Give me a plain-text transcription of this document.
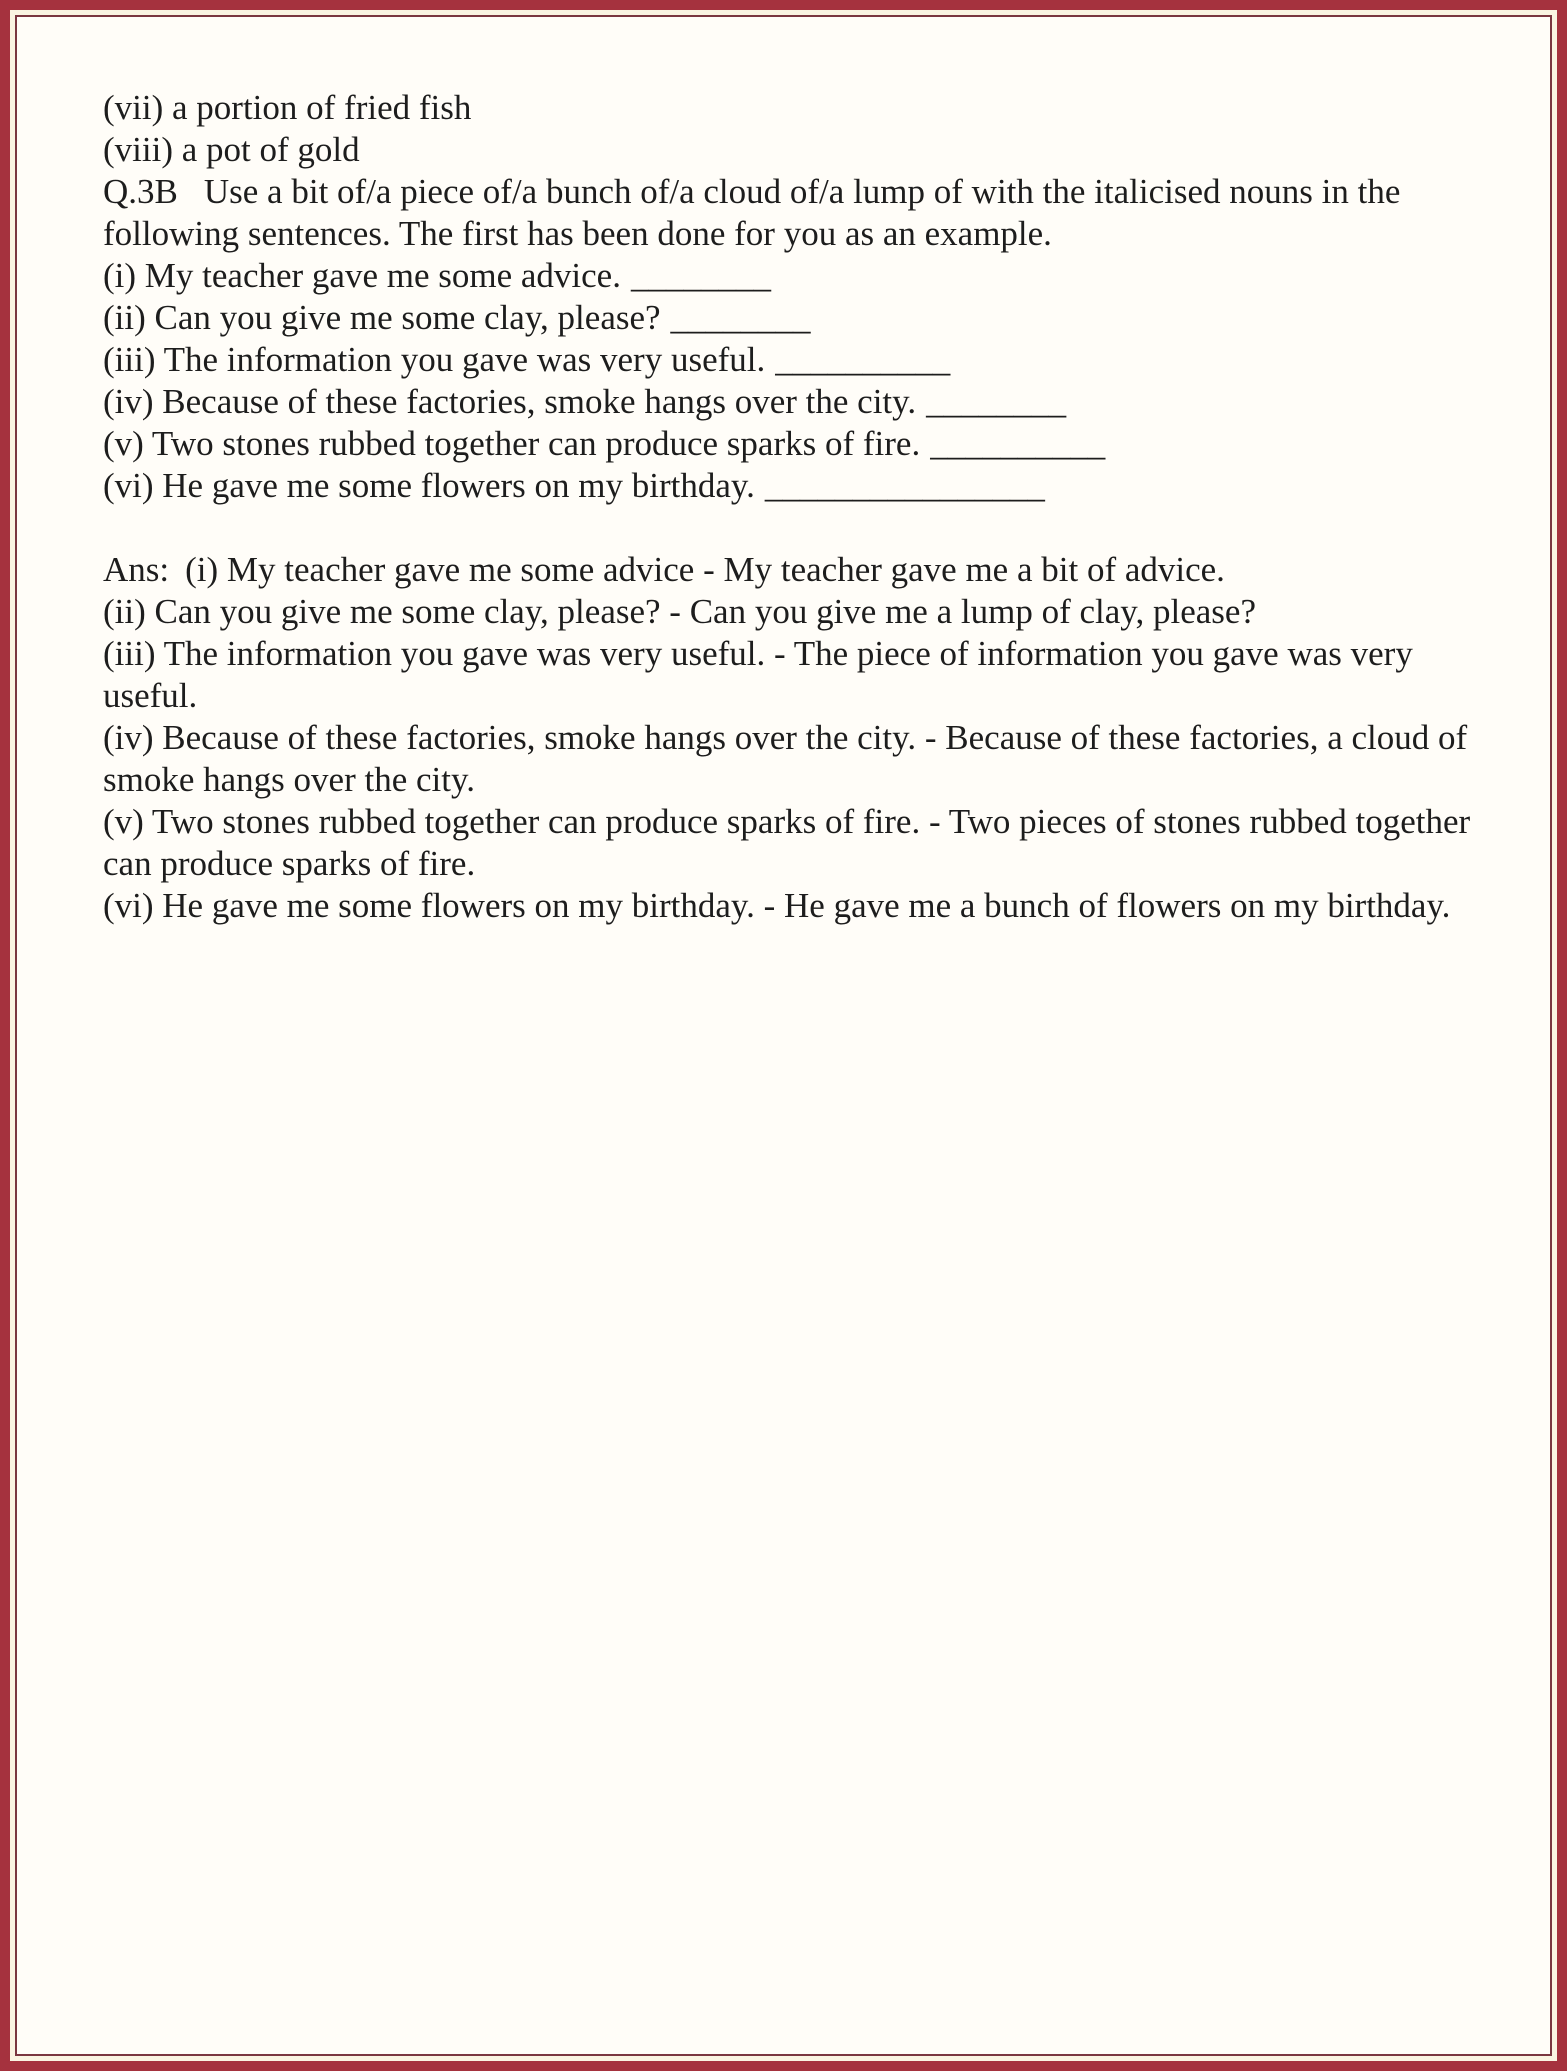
(vii) a portion of fried fish

(viii) a pot of gold

Q.3B Use a bit of/a piece of/a bunch of/a cloud of/a lump of with the italicised nouns in the following sentences. The first has been done for you as an example.

(i) My teacher gave me some advice. ________
(ii) Can you give me some clay, please? ________
(iii) The information you gave was very useful. __________
(iv) Because of these factories, smoke hangs over the city. ________
(v) Two stones rubbed together can produce sparks of fire. __________
(vi) He gave me some flowers on my birthday. ________________

Ans: (i) My teacher gave me some advice - My teacher gave me a bit of advice.

(ii) Can you give me some clay, please? - Can you give me a lump of clay, please?

(iii) The information you gave was very useful. - The piece of information you gave was very useful.

(iv) Because of these factories, smoke hangs over the city. - Because of these factories, a cloud of smoke hangs over the city.

(v) Two stones rubbed together can produce sparks of fire. - Two pieces of stones rubbed together can produce sparks of fire.

(vi) He gave me some flowers on my birthday. - He gave me a bunch of flowers on my birthday.
